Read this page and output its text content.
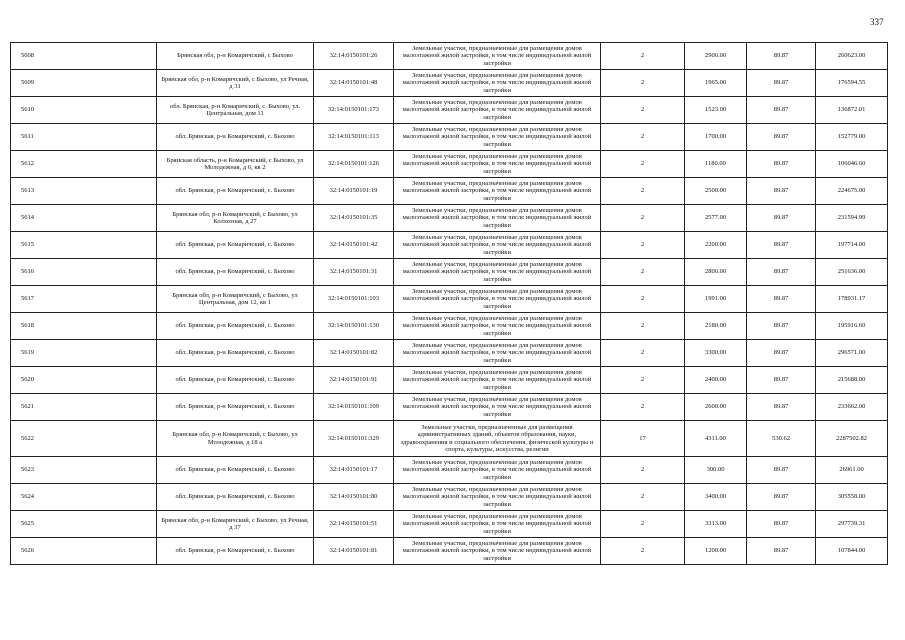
337
5608	Брянская обл, р-н Комаричский, с Быхово	32:14:0150101:26	Земельные участки, предназначенные для размещения домов малоэтажной жилой застройки, в том числе индивидуальной жилой застройки	2	2900.00	89.87	260623.00
5609	Брянская обл, р-н Комаричский, с Быхово, ул Речная, д 31	32:14:0150101:48	Земельные участки, предназначенные для размещения домов малоэтажной жилой застройки, в том числе индивидуальной жилой застройки	2	1965.00	89.87	176594.55
5610	обл. Брянская, р-н Комаричский, с. Быхово, ул. Центральная, дом 11	32:14:0150101:173	Земельные участки, предназначенные для размещения домов малоэтажной жилой застройки, в том числе индивидуальной жилой застройки	2	1523.00	89.87	136872.01
5611	обл. Брянская, р-н Комаричский, с. Быхово	32:14:0150101:113	Земельные участки, предназначенные для размещения домов малоэтажной жилой застройки, в том числе индивидуальной жилой застройки	2	1700.00	89.87	152779.00
5612	Брянская область, р-н Комаричский, с Быхово, ул Молодежная, д 6, кв 2	32:14:0150101:126	Земельные участки, предназначенные для размещения домов малоэтажной жилой застройки, в том числе индивидуальной жилой застройки	2	1180.00	89.87	106046.60
5613	обл. Брянская, р-н Комаричский, с. Быхово	32:14:0150101:19	Земельные участки, предназначенные для размещения домов малоэтажной жилой застройки, в том числе индивидуальной жилой застройки	2	2500.00	89.87	224675.00
5614	Брянская обл, р-н Комаричский, с Быхово, ул Колхозная, д 27	32:14:0150101:35	Земельные участки, предназначенные для размещения домов малоэтажной жилой застройки, в том числе индивидуальной жилой застройки	2	2577.00	89.87	231594.99
5615	обл. Брянская, р-н Комаричский, с. Быхово	32:14:0150101:42	Земельные участки, предназначенные для размещения домов малоэтажной жилой застройки, в том числе индивидуальной жилой застройки	2	2200.00	89.87	197714.00
5616	обл. Брянская, р-н Комаричский, с. Быхово	32:14:0150101:31	Земельные участки, предназначенные для размещения домов малоэтажной жилой застройки, в том числе индивидуальной жилой застройки	2	2800.00	89.87	251636.00
5617	Брянская обл, р-н Комаричский, с Быхово, ул Центральная, дом 12, кв 1	32:14:0150101:103	Земельные участки, предназначенные для размещения домов малоэтажной жилой застройки, в том числе индивидуальной жилой застройки	2	1991.00	89.87	178931.17
5618	обл. Брянская, р-н Комаричский, с. Быхово	32:14:0150101:130	Земельные участки, предназначенные для размещения домов малоэтажной жилой застройки, в том числе индивидуальной жилой застройки	2	2180.00	89.87	195916.60
5619	обл. Брянская, р-н Комаричский, с. Быхово	32:14:0150101:82	Земельные участки, предназначенные для размещения домов малоэтажной жилой застройки, в том числе индивидуальной жилой застройки	2	3300.00	89.87	296571.00
5620	обл. Брянская, р-н Комаричский, с. Быхово	32:14:0150101:91	Земельные участки, предназначенные для размещения домов малоэтажной жилой застройки, в том числе индивидуальной жилой застройки	2	2400.00	89.87	215688.00
5621	обл. Брянская, р-н Комаричский, с. Быхово	32:14:0150101:109	Земельные участки, предназначенные для размещения домов малоэтажной жилой застройки, в том числе индивидуальной жилой застройки	2	2600.00	89.87	233662.00
5622	Брянская обл, р-н Комаричский, с Быхово, ул Молодежная, д 18 а	32:14:0150101:329	Земельные участки, предназначенные для размещения административных зданий, объектов образования, науки, здравоохранения и социального обеспечения, физической культуры и спорта, культуры, искусства, религии	17	4311.00	530.62	2287502.82
5623	обл. Брянская, р-н Комаричский, с. Быхово	32:14:0150101:17	Земельные участки, предназначенные для размещения домов малоэтажной жилой застройки, в том числе индивидуальной жилой застройки	2	300.00	89.87	26961.00
5624	обл. Брянская, р-н Комаричский, с. Быхово	32:14:0150101:80	Земельные участки, предназначенные для размещения домов малоэтажной жилой застройки, в том числе индивидуальной жилой застройки	2	3400.00	89.87	305558.00
5625	Брянская обл, р-н Комаричский, с Быхово, ул Речная, д 37	32:14:0150101:51	Земельные участки, предназначенные для размещения домов малоэтажной жилой застройки, в том числе индивидуальной жилой застройки	2	3313.00	89.87	297739.31
5626	обл. Брянская, р-н Комаричский, с. Быхово	32:14:0150101:81	Земельные участки, предназначенные для размещения домов малоэтажной жилой застройки, в том числе индивидуальной жилой застройки	2	1200.00	89.87	107844.00
